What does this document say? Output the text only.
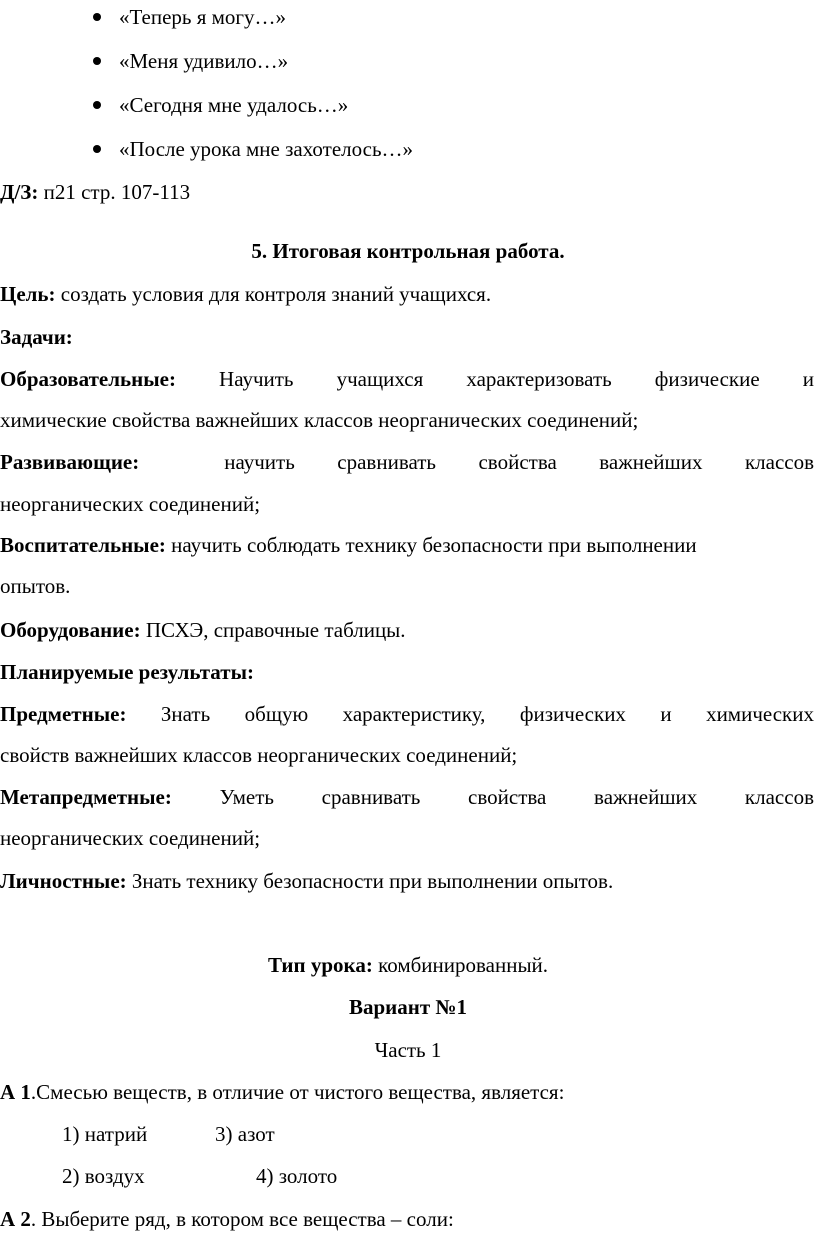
«Теперь я могу…»
«Меня удивило…»
«Сегодня мне удалось…»
«После урока мне захотелось…»
Д/З: п21 стр. 107-113
5. Итоговая контрольная работа.
Цель: создать условия для контроля знаний учащихся.
Задачи:
Образовательные: Научить учащихся характеризовать физические и
химические свойства важнейших классов неорганических соединений;
Развивающие:	научить сравнивать свойства важнейших классов
неорганических соединений;
Воспитательные: научить соблюдать технику безопасности при выполнении
опытов.
Оборудование: ПСХЭ, справочные таблицы.
Планируемые результаты:
Предметные: Знать общую характеристику, физических и химических
свойств важнейших классов неорганических соединений;
Метапредметные: Уметь сравнивать свойства важнейших классов
неорганических соединений;
Личностные: Знать технику безопасности при выполнении опытов.
Тип урока: комбинированный.
Вариант №1
Часть 1
А 1.Смесью веществ, в отличие от чистого вещества, является:
1) натрий	3) азот
2) воздух	4) золото
А 2. Выберите ряд, в котором все вещества – соли:
